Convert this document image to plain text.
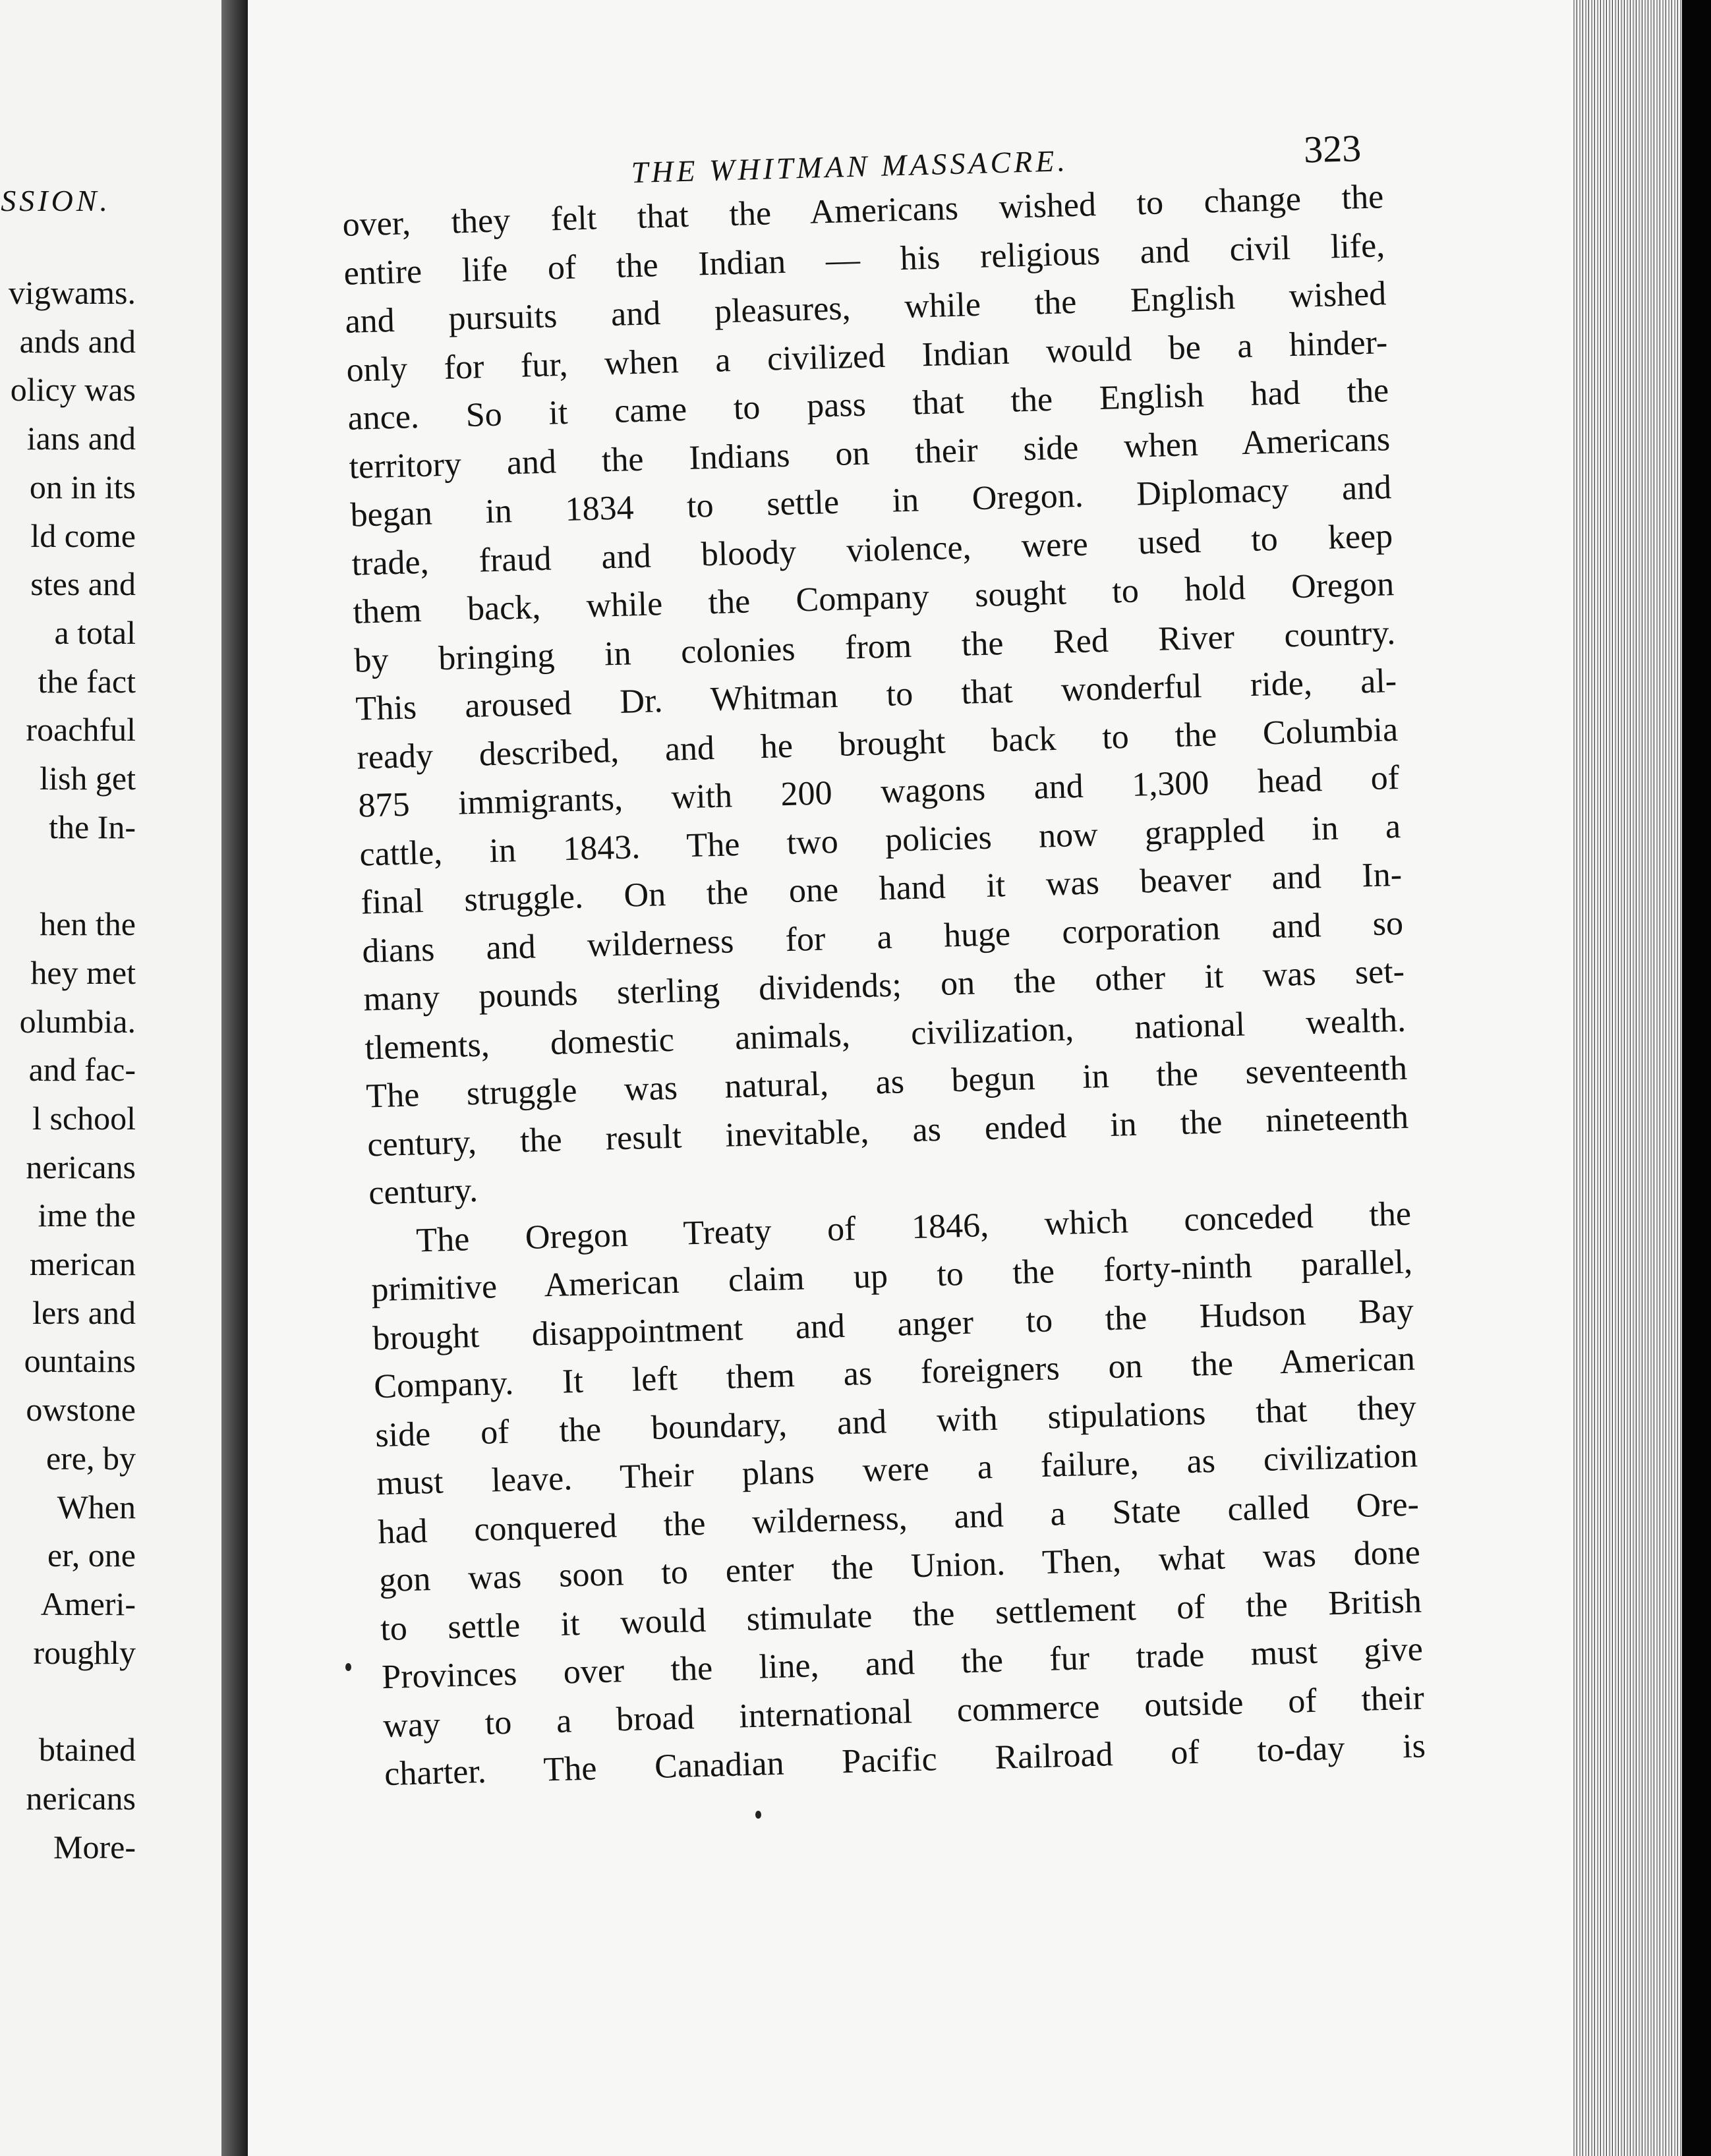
SSION.

vigwams.
ands and
olicy was
ians and
on in its
ld come
stes and
a total
the fact
roachful
lish get
the In-

hen the
hey met
olumbia.
and fac-
l school
nericans
ime the
merican
lers and
ountains
owstone
ere, by
When
er, one
Ameri-
roughly

btained
nericans
More-

THE WHITMAN MASSACRE.	323

over, they felt that the Americans wished to change the
entire life of the Indian — his religious and civil life,
and pursuits and pleasures, while the English wished
only for fur, when a civilized Indian would be a hinder-
ance. So it came to pass that the English had the
territory and the Indians on their side when Americans
began in 1834 to settle in Oregon. Diplomacy and
trade, fraud and bloody violence, were used to keep
them back, while the Company sought to hold Oregon
by bringing in colonies from the Red River country.
This aroused Dr. Whitman to that wonderful ride, al-
ready described, and he brought back to the Columbia
875 immigrants, with 200 wagons and 1,300 head of
cattle, in 1843. The two policies now grappled in a
final struggle. On the one hand it was beaver and In-
dians and wilderness for a huge corporation and so
many pounds sterling dividends; on the other it was set-
tlements, domestic animals, civilization, national wealth.
The struggle was natural, as begun in the seventeenth
century, the result inevitable, as ended in the nineteenth
century.
The Oregon Treaty of 1846, which conceded the
primitive American claim up to the forty-ninth parallel,
brought disappointment and anger to the Hudson Bay
Company. It left them as foreigners on the American
side of the boundary, and with stipulations that they
must leave. Their plans were a failure, as civilization
had conquered the wilderness, and a State called Ore-
gon was soon to enter the Union. Then, what was done
to settle it would stimulate the settlement of the British
Provinces over the line, and the fur trade must give
way to a broad international commerce outside of their
charter. The Canadian Pacific Railroad of to-day is
